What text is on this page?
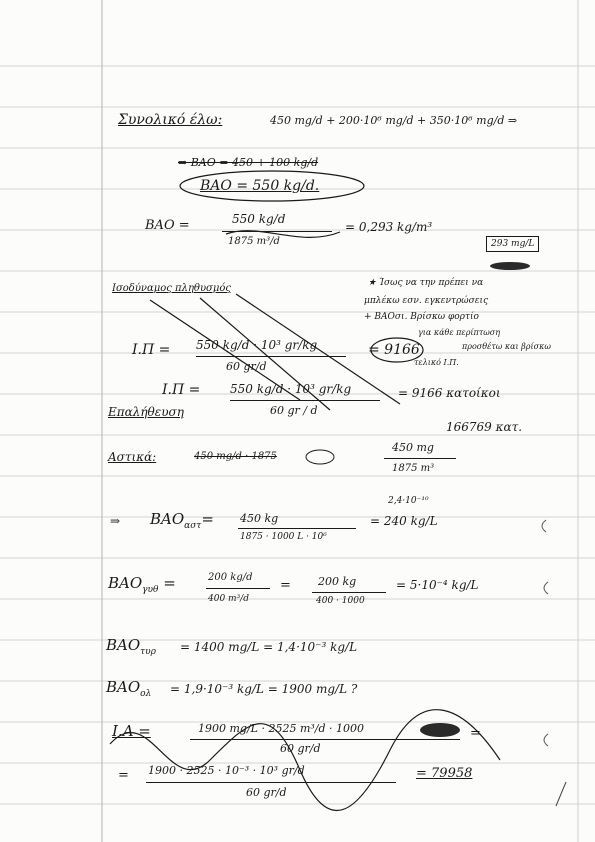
Συνολικό έλω:	450 mg/d + 200·10⁶ mg/d + 350·10⁶ mg/d ⇒
⇒ BAO = 450 + 100 kg/d
BAO = 550 kg/d.
BAO =	550 kg/d
1875 m³/d
= 0,293 kg/m³
293 mg/L
Ισοδύναμος πληθυσμός	★ Ίσως να την πρέπει να
μπλέκω εσν. εγκεντρώσεις
+ BAOσι. Βρίσκω φορτίο
για κάθε περίπτωση
προσθέτω και βρίσκω
τελικό Ι.Π.
Ι.Π = 550 kg/d · 10³ gr/kg
60 gr/d
= 9166
Ι.Π = 550 kg/d · 10³ gr/kg
60 gr / d
= 9166 κατοίκοι
Επαλήθευση
166769 κατ.
Αστικά:	450 mg/d · 1875
450 mg
1875 m³
2,4·10⁻¹⁰
⇒ $BAO_{\alpha\sigma\tau}= 450$ kg
1875 · 1000 L · 10⁶
= 240 kg/L
$BAO_{\gamma\upsilon\theta}$ =	200 kg/d
400 m³/d
= 200 kg
400 · 1000
= 5·10⁻⁴ kg/L
$BAO_{\tau\upsilon\rho} = 1400$ mg/L = 1,4·10⁻³ kg/L
$BAO_{o\lambda} = 1,9\cdot 10^{-3}$ kg/L = 1900 mg/L ?
Ι.Α =	1900 mg/L · 2525 m³/d · 1000
60 gr/d
=
= 1900 · 2525 · 10⁻³ · 10³ gr/d
60 gr/d
= 79958
